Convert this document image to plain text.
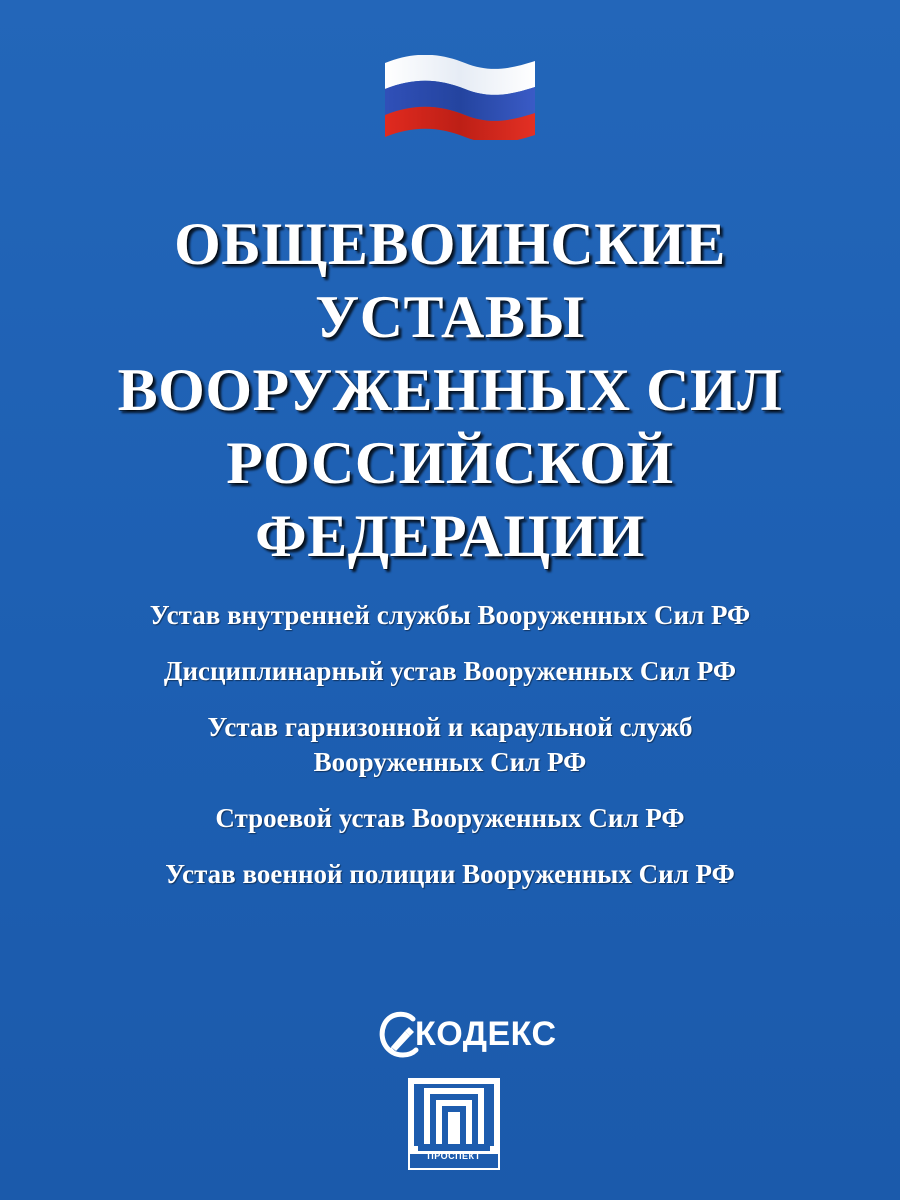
ОБЩЕВОИНСКИЕ
УСТАВЫ
ВООРУЖЕННЫХ СИЛ
РОССИЙСКОЙ
ФЕДЕРАЦИИ
Устав внутренней службы Вооруженных Сил РФ
Дисциплинарный устав Вооруженных Сил РФ
Устав гарнизонной и караульной служб
Вооруженных Сил РФ
Строевой устав Вооруженных Сил РФ
Устав военной полиции Вооруженных Сил РФ
КОДЕКС
ПРОСПЕКТ
